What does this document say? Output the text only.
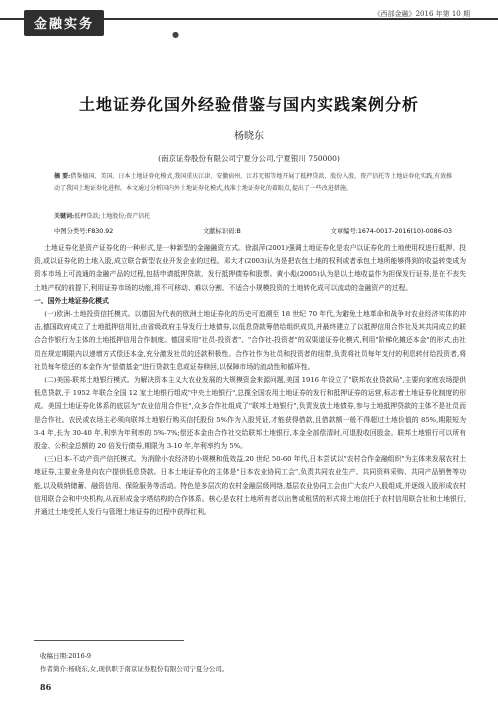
金融实务
《西部金融》2016 年第 10 期
●
土地证券化国外经验借鉴与国内实践案例分析
杨晓东
(南京证券股份有限公司宁夏分公司,宁夏银川 750000)
摘 要:借鉴德国、美国、日本土地证券化模式,我国重庆江津、安徽宿州、江苏无锡等地开展了抵押贷款、股份入股、资产信托等土地证券化实践,有效推动了我国土地证券化进程。本文通过分析国内外土地证券化模式,找准土地证券化的着眼点,提出了一些改进措施。
关键词:抵押贷款;土地股份;资产信托
中图分类号:F830.92	文献标识码:B	文章编号:1674-0017-2016(10)-0086-03

土地证券化是资产证券化的一种形式,是一种新型的金融融资方式。徐淑萍(2001)强调土地证券化是农户以证券化的土地使用权进行抵押、投资,或以证券化的土地入股,成立联合新型农业开发企业的过程。邓大才(2003)认为是把农包土地的权利或者承包土地所能够得到的收益转变成为资本市场上可流通的金融产品的过程,包括申请抵押贷款、发行抵押债券和股票。黄小彪(2005)认为是以土地收益作为担保发行证券,是在不丧失土地产权的前提下,利用证券市场的功能,将不可移动、难以分割、不适合小规模投资的土地转化成可以流动的金融资产的过程。

一、国外土地证券化模式

(一)欧洲-土地投资信托模式。以德国为代表的欧洲土地证券化的历史可追溯至 18 世纪 70 年代,为避免土地革命和战争对农业经济实体的冲击,德国政府成立了土地抵押信用社,由省级政府主导发行土地债券,以低息贷款筹借给组织成员,并最终建立了以抵押信用合作社及其共同成立的联合合作银行为主体的土地抵押信用合作制度。德国采用"社员-投资者"、"合作社-投资者"的双渠道证券化模式,利用"阶梯化摊还本金"的形式,由社员在规定期限内以递增方式偿还本金,充分激发社员的还款积极性。合作社作为社员和投资者的纽带,负责将社员每年支付的利息转付给投资者,将社员每年偿还的本金作为"偿债基金"进行贷款生息或证券赎回,以保障市场的流动性和循环性。

(二)美国-联邦土地银行模式。为解决资本主义大农业发展的大规模资金来源问题,美国 1916 年设立了"联邦农业贷款局",主要向家庭农场提供低息贷款,于 1952 年联合全国 12 家土地银行组成"中央土地银行",总揽全国农用土地证券的发行和抵押证券的运营,标志着土地证券化制度的形成。美国土地证券化体系的底层为"农业信用合作社",众多合作社组成了"联邦土地银行",负责发放土地债券,参与土地抵押贷款的主体不是社员而是合作社。农民或农场主必须向联邦土地银行购买信托股份 5%作为入股凭证,才能获得借款,且借款额一般不得超过土地价值的 85%,期限短为 3-4 年,长为 30-40 年,利率为年利率的 5%-7%;偿还本金由合作社交给联邦土地银行,本金全部偿清时,可退股收回股金。联邦土地银行可以所有股金、公积金总额的 20 倍发行债券,期限为 3-10 年,年利率约为 5%。

(三)日本-不动产资产信托模式。为消除小农经济的小规模和低效益,20 世纪 50-60 年代,日本尝试以"农村合作金融组织"为主体来发展农村土地证券,主要业务是向农户提供低息贷款。日本土地证券化的主体是"日本农业协同工会",负责共同农业生产、共同资料采购、共同产品销售等功能,以及吸纳储蓄、融资信用、保险服务等活动。特色是多层次的农村金融层级网络,基层农业协同工会由广大农户入股组成,并逐级入股形成农村信用联合会和中央机构,从而形成金字塔结构的合作体系。核心是农村土地所有者以出售或租赁的形式将土地信托于农村信用联合社和土地银行,并通过土地受托人发行与管理土地证券的过程中获得红利。

收稿日期:2016-9
作者简介:杨晓东,女,现供职于南京证券股份有限公司宁夏分公司。
86
